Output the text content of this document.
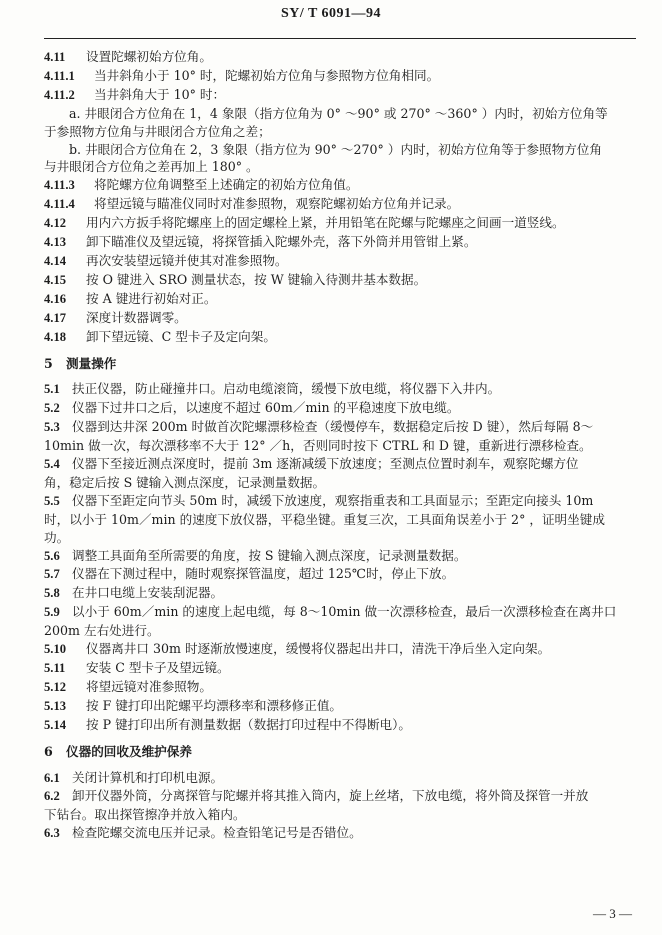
SY/ T 6091—94
4.11 设置陀螺初始方位角。
4.11.1 当井斜角小于 10° 时，陀螺初始方位角与参照物方位角相同。
4.11.2 当井斜角大于 10° 时：
a. 井眼闭合方位角在 1，4 象限（指方位角为 0° ～90° 或 270° ～360° ）内时，初始方位角等
于参照物方位角与井眼闭合方位角之差；
b. 井眼闭合方位角在 2，3 象限（指方位为 90° ～270° ）内时，初始方位角等于参照物方位角
与井眼闭合方位角之差再加上 180° 。
4.11.3 将陀螺方位角调整至上述确定的初始方位角值。
4.11.4 将望远镜与瞄准仪同时对准参照物，观察陀螺初始方位角并记录。
4.12 用内六方扳手将陀螺座上的固定螺栓上紧，并用铅笔在陀螺与陀螺座之间画一道竖线。
4.13 卸下瞄准仪及望远镜，将探管插入陀螺外壳，落下外筒并用管钳上紧。
4.14 再次安装望远镜并使其对准参照物。
4.15 按 O 键进入 SRO 测量状态，按 W 键输入待测井基本数据。
4.16 按 A 键进行初始对正。
4.17 深度计数器调零。
4.18 卸下望远镜、C 型卡子及定向架。
5 测量操作
5.1 扶正仪器，防止碰撞井口。启动电缆滚筒，缓慢下放电缆，将仪器下入井内。
5.2 仪器下过井口之后，以速度不超过 60m／min 的平稳速度下放电缆。
5.3 仪器到达井深 200m 时做首次陀螺漂移检查（缓慢停车，数据稳定后按 D 键），然后每隔 8～
10min 做一次，每次漂移率不大于 12° ／h，否则同时按下 CTRL 和 D 键，重新进行漂移检查。
5.4 仪器下至接近测点深度时，提前 3m 逐渐减缓下放速度；至测点位置时刹车，观察陀螺方位
角，稳定后按 S 键输入测点深度，记录测量数据。
5.5 仪器下至距定向节头 50m 时，减缓下放速度，观察指重表和工具面显示；至距定向接头 10m
时，以小于 10m／min 的速度下放仪器，平稳坐键。重复三次，工具面角误差小于 2° ，证明坐键成
功。
5.6 调整工具面角至所需要的角度，按 S 键输入测点深度，记录测量数据。
5.7 仪器在下测过程中，随时观察探管温度，超过 125℃时，停止下放。
5.8 在井口电缆上安装刮泥器。
5.9 以小于 60m／min 的速度上起电缆，每 8～10min 做一次漂移检查，最后一次漂移检查在离井口
200m 左右处进行。
5.10 仪器离井口 30m 时逐渐放慢速度，缓慢将仪器起出井口，清洗干净后坐入定向架。
5.11 安装 C 型卡子及望远镜。
5.12 将望远镜对准参照物。
5.13 按 F 键打印出陀螺平均漂移率和漂移修正值。
5.14 按 P 键打印出所有测量数据（数据打印过程中不得断电）。
6 仪器的回收及维护保养
6.1 关闭计算机和打印机电源。
6.2 卸开仪器外筒，分离探管与陀螺并将其推入筒内，旋上丝堵，下放电缆，将外筒及探管一并放
下钻台。取出探管擦净并放入箱内。
6.3 检查陀螺交流电压并记录。检查铅笔记号是否错位。
— 3 —
